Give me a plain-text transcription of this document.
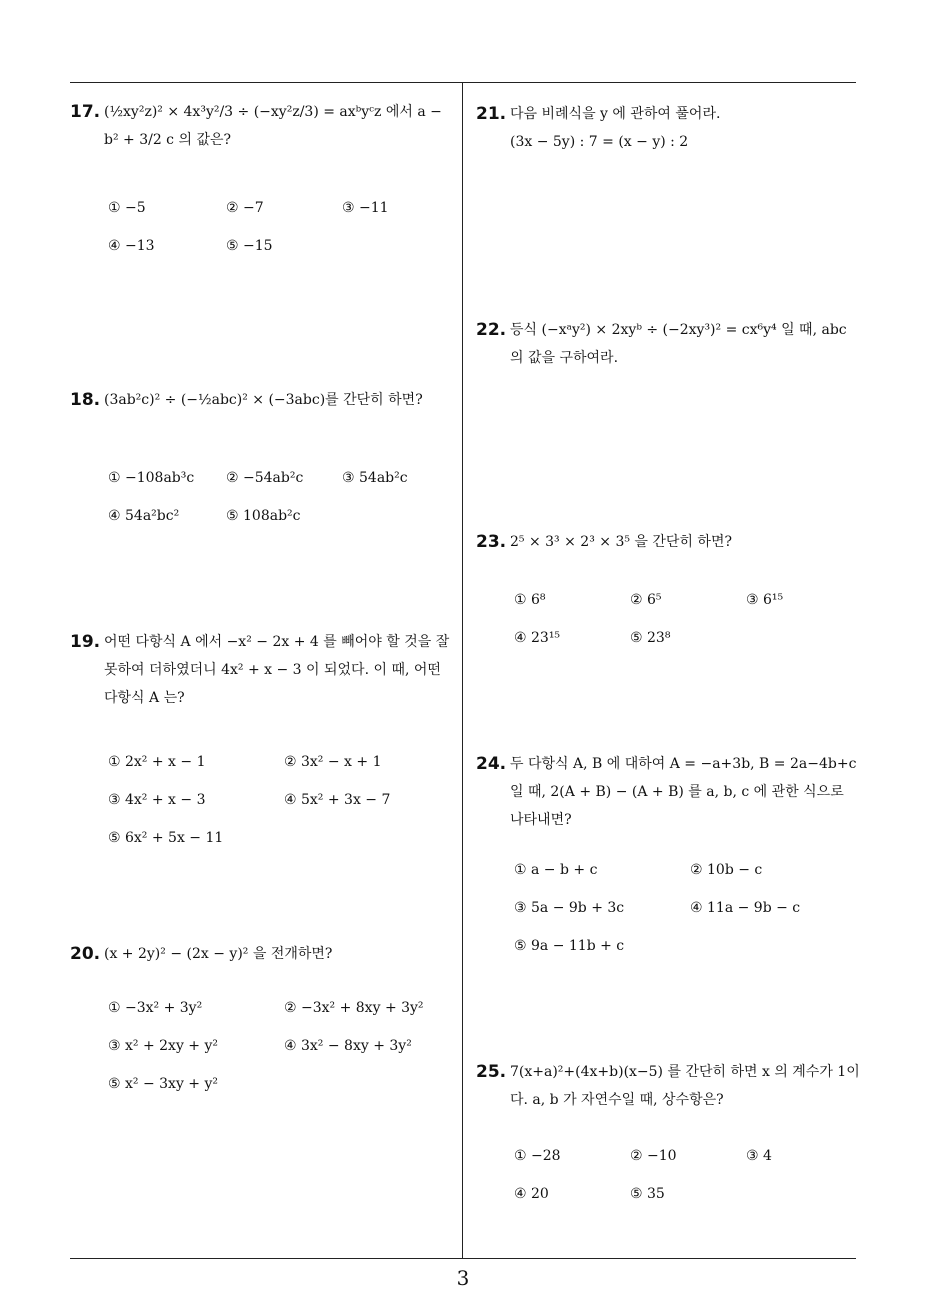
17. (½xy²z)² × 4x³y²/3 ÷ (−xy²z/3) = axᵇyᶜz 에서 a − b² + 3/2 c 의 값은?
① −5	② −7	③ −11
④ −13	⑤ −15
18. (3ab²c)² ÷ (−½abc)² × (−3abc)를 간단히 하면?
① −108ab³c ② −54ab²c	③ 54ab²c
④ 54a²bc²	⑤ 108ab²c
19. 어떤 다항식 A 에서 −x² − 2x + 4 를 빼어야 할 것을 잘못하여 더하였더니 4x² + x − 3 이 되었다. 이 때, 어떤 다항식 A 는?
① 2x² + x − 1	② 3x² − x + 1
③ 4x² + x − 3	④ 5x² + 3x − 7
⑤ 6x² + 5x − 11
20. (x + 2y)² − (2x − y)² 을 전개하면?
① −3x² + 3y²	② −3x² + 8xy + 3y²
③ x² + 2xy + y²	④ 3x² − 8xy + 3y²
⑤ x² − 3xy + y²
21. 다음 비례식을 y 에 관하여 풀어라.
(3x − 5y) : 7 = (x − y) : 2
22. 등식 (−xᵃy²) × 2xyᵇ ÷ (−2xy³)² = cx⁶y⁴ 일 때, abc 의 값을 구하여라.
23. 2⁵ × 3³ × 2³ × 3⁵ 을 간단히 하면?
① 6⁸	② 6⁵	③ 6¹⁵
④ 23¹⁵	⑤ 23⁸
24. 두 다항식 A, B 에 대하여 A = −a+3b, B = 2a−4b+c 일 때, 2(A + B) − (A + B) 를 a, b, c 에 관한 식으로 나타내면?
① a − b + c	② 10b − c
③ 5a − 9b + 3c	④ 11a − 9b − c
⑤ 9a − 11b + c
25. 7(x+a)²+(4x+b)(x−5) 를 간단히 하면 x 의 계수가 1이다. a, b 가 자연수일 때, 상수항은?
① −28	② −10	③ 4
④ 20	⑤ 35
3
